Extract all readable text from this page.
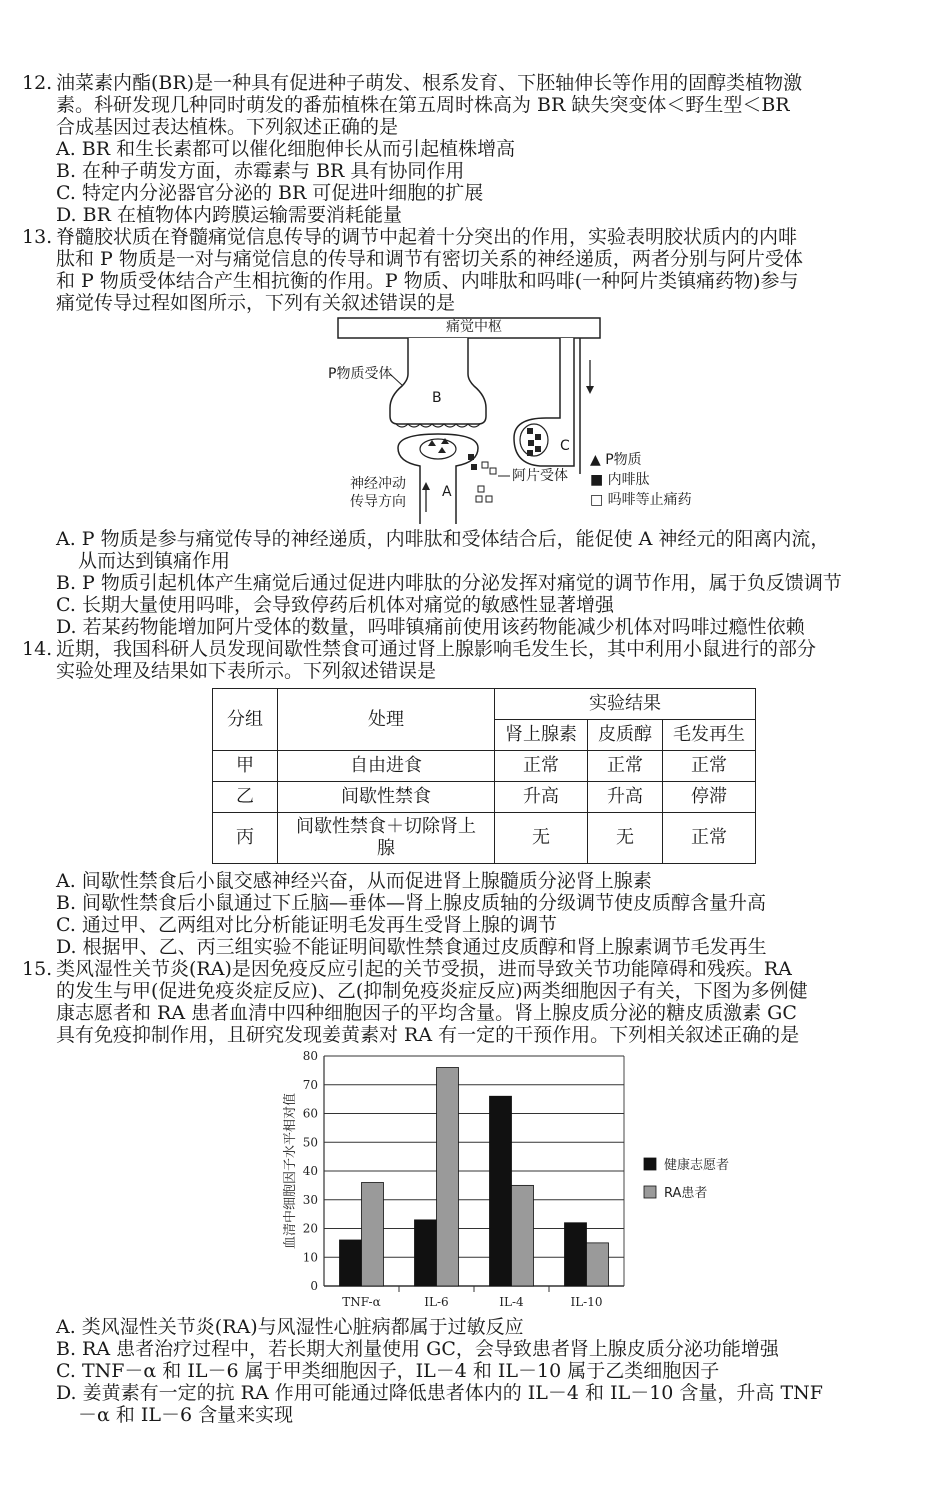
12. 油菜素内酯(BR)是一种具有促进种子萌发、根系发育、下胚轴伸长等作用的固醇类植物激
素。科研发现几种同时萌发的番茄植株在第五周时株高为 BR 缺失突变体＜野生型＜BR
合成基因过表达植株。下列叙述正确的是
A. BR 和生长素都可以催化细胞伸长从而引起植株增高
B. 在种子萌发方面，赤霉素与 BR 具有协同作用
C. 特定内分泌器官分泌的 BR 可促进叶细胞的扩展
D. BR 在植物体内跨膜运输需要消耗能量
13. 脊髓胶状质在脊髓痛觉信息传导的调节中起着十分突出的作用，实验表明胶状质内的内啡
肽和 P 物质是一对与痛觉信息的传导和调节有密切关系的神经递质，两者分别与阿片受体
和 P 物质受体结合产生相抗衡的作用。P 物质、内啡肽和吗啡(一种阿片类镇痛药物)参与
痛觉传导过程如图所示，下列有关叙述错误的是
痛觉中枢
P物质受体
B
C
A
阿片受体
神经冲动
传导方向
▲ P物质
■ 内啡肽
□ 吗啡等止痛药
A. P 物质是参与痛觉传导的神经递质，内啡肽和受体结合后，能促使 A 神经元的阳离内流，
从而达到镇痛作用
B. P 物质引起机体产生痛觉后通过促进内啡肽的分泌发挥对痛觉的调节作用，属于负反馈调节
C. 长期大量使用吗啡，会导致停药后机体对痛觉的敏感性显著增强
D. 若某药物能增加阿片受体的数量，吗啡镇痛前使用该药物能减少机体对吗啡过瘾性依赖
14. 近期，我国科研人员发现间歇性禁食可通过肾上腺影响毛发生长，其中利用小鼠进行的部分
实验处理及结果如下表所示。下列叙述错误是
分组	处理	实验结果		
		肾上腺素	皮质醇	毛发再生
甲	自由进食	正常	正常	正常
乙	间歇性禁食	升高	升高	停滞
丙	间歇性禁食＋切除肾上腺	无	无	正常
A. 间歇性禁食后小鼠交感神经兴奋，从而促进肾上腺髓质分泌肾上腺素
B. 间歇性禁食后小鼠通过下丘脑—垂体—肾上腺皮质轴的分级调节使皮质醇含量升高
C. 通过甲、乙两组对比分析能证明毛发再生受肾上腺的调节
D. 根据甲、乙、丙三组实验不能证明间歇性禁食通过皮质醇和肾上腺素调节毛发再生
15. 类风湿性关节炎(RA)是因免疫反应引起的关节受损，进而导致关节功能障碍和残疾。RA
的发生与甲(促进免疫炎症反应)、乙(抑制免疫炎症反应)两类细胞因子有关，下图为多例健
康志愿者和 RA 患者血清中四种细胞因子的平均含量。肾上腺皮质分泌的糖皮质激素 GC
具有免疫抑制作用，且研究发现姜黄素对 RA 有一定的干预作用。下列相关叙述正确的是
0
10
20
30
40
50
60
70
80
TNF-α	IL-6	IL-4	IL-10
血清中细胞因子水平相对值	健康志愿者
RA患者
A. 类风湿性关节炎(RA)与风湿性心脏病都属于过敏反应
B. RA 患者治疗过程中，若长期大剂量使用 GC，会导致患者肾上腺皮质分泌功能增强
C. TNF－α 和 IL－6 属于甲类细胞因子，IL－4 和 IL－10 属于乙类细胞因子
D. 姜黄素有一定的抗 RA 作用可能通过降低患者体内的 IL－4 和 IL－10 含量，升高 TNF
－α 和 IL－6 含量来实现
